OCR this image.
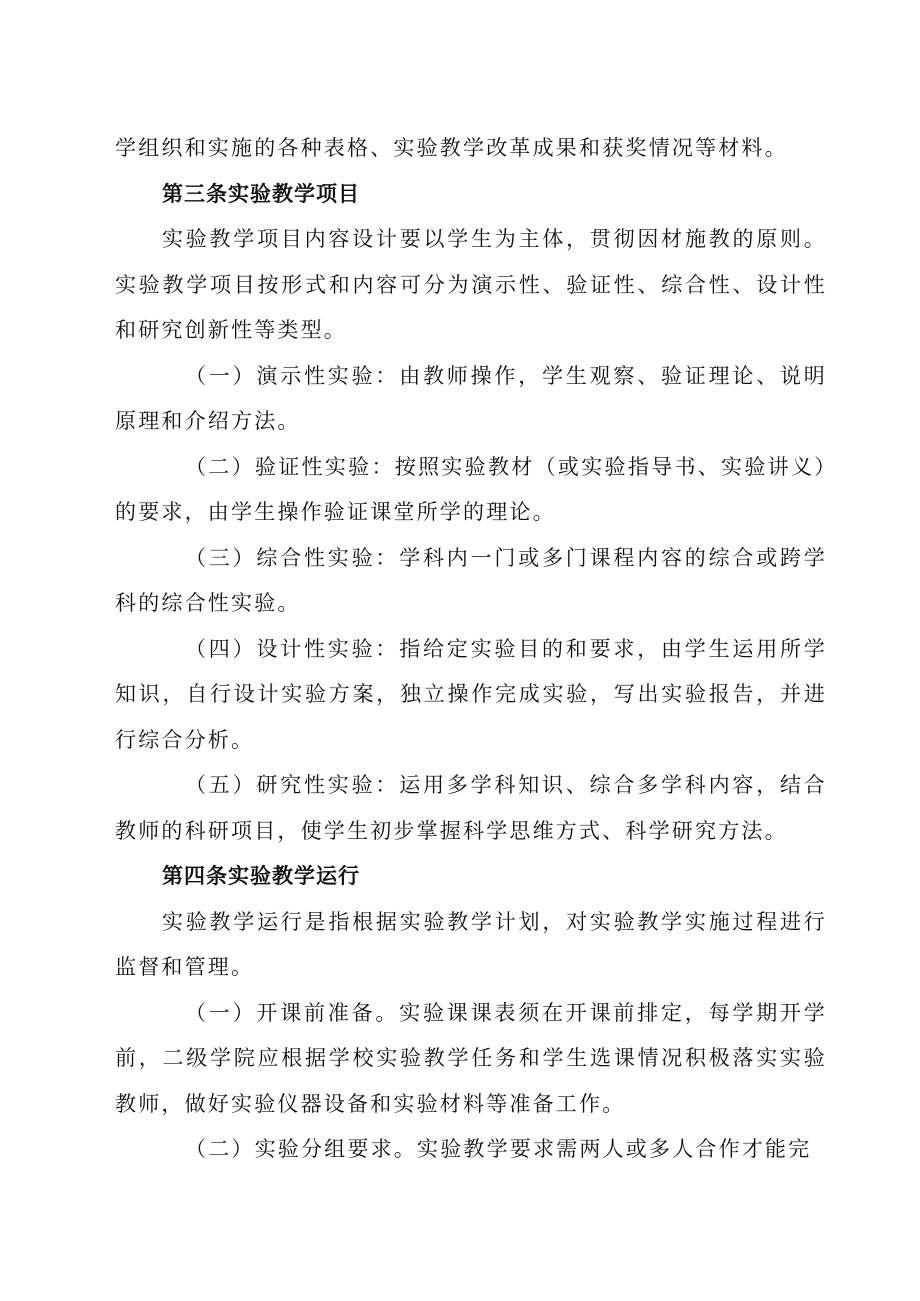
学组织和实施的各种表格、实验教学改革成果和获奖情况等材料。

第三条实验教学项目

实验教学项目内容设计要以学生为主体，贯彻因材施教的原则。实验教学项目按形式和内容可分为演示性、验证性、综合性、设计性和研究创新性等类型。

（一）演示性实验：由教师操作，学生观察、验证理论、说明原理和介绍方法。

（二）验证性实验：按照实验教材（或实验指导书、实验讲义）的要求，由学生操作验证课堂所学的理论。

（三）综合性实验：学科内一门或多门课程内容的综合或跨学科的综合性实验。

（四）设计性实验：指给定实验目的和要求，由学生运用所学知识，自行设计实验方案，独立操作完成实验，写出实验报告，并进行综合分析。

（五）研究性实验：运用多学科知识、综合多学科内容，结合教师的科研项目，使学生初步掌握科学思维方式、科学研究方法。

第四条实验教学运行

实验教学运行是指根据实验教学计划，对实验教学实施过程进行监督和管理。

（一）开课前准备。实验课课表须在开课前排定，每学期开学前，二级学院应根据学校实验教学任务和学生选课情况积极落实实验教师，做好实验仪器设备和实验材料等准备工作。

（二）实验分组要求。实验教学要求需两人或多人合作才能完
